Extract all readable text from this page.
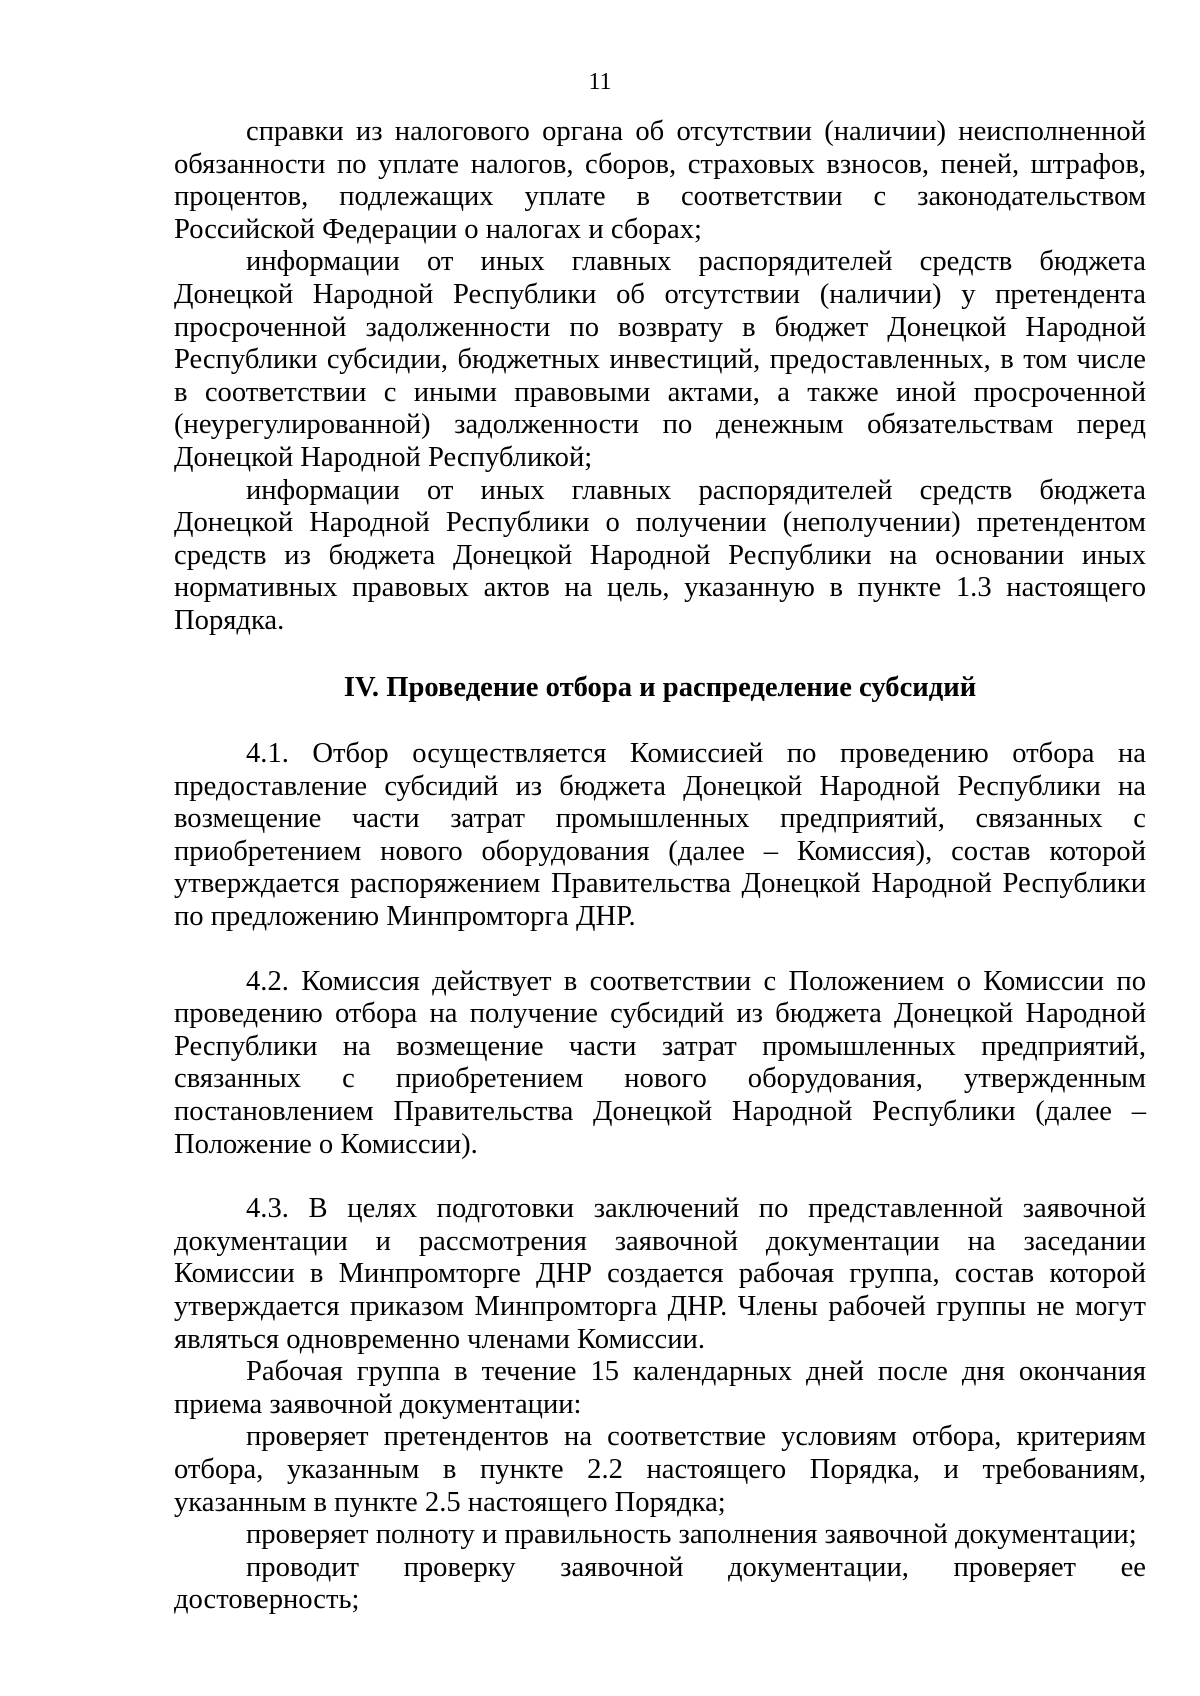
11

справки из налогового органа об отсутствии (наличии) неисполненной обязанности по уплате налогов, сборов, страховых взносов, пеней, штрафов, процентов, подлежащих уплате в соответствии с законодательством Российской Федерации о налогах и сборах;

информации от иных главных распорядителей средств бюджета Донецкой Народной Республики об отсутствии (наличии) у претендента просроченной задолженности по возврату в бюджет Донецкой Народной Республики субсидии, бюджетных инвестиций, предоставленных, в том числе в соответствии с иными правовыми актами, а также иной просроченной (неурегулированной) задолженности по денежным обязательствам перед Донецкой Народной Республикой;

информации от иных главных распорядителей средств бюджета Донецкой Народной Республики о получении (неполучении) претендентом средств из бюджета Донецкой Народной Республики на основании иных нормативных правовых актов на цель, указанную в пункте 1.3 настоящего Порядка.

IV. Проведение отбора и распределение субсидий

4.1. Отбор осуществляется Комиссией по проведению отбора на предоставление субсидий из бюджета Донецкой Народной Республики на возмещение части затрат промышленных предприятий, связанных с приобретением нового оборудования (далее – Комиссия), состав которой утверждается распоряжением Правительства Донецкой Народной Республики по предложению Минпромторга ДНР.

4.2. Комиссия действует в соответствии с Положением о Комиссии по проведению отбора на получение субсидий из бюджета Донецкой Народной Республики на возмещение части затрат промышленных предприятий, связанных с приобретением нового оборудования, утвержденным постановлением Правительства Донецкой Народной Республики (далее – Положение о Комиссии).

4.3. В целях подготовки заключений по представленной заявочной документации и рассмотрения заявочной документации на заседании Комиссии в Минпромторге ДНР создается рабочая группа, состав которой утверждается приказом Минпромторга ДНР. Члены рабочей группы не могут являться одновременно членами Комиссии.

Рабочая группа в течение 15 календарных дней после дня окончания приема заявочной документации:

проверяет претендентов на соответствие условиям отбора, критериям отбора, указанным в пункте 2.2 настоящего Порядка, и требованиям, указанным в пункте 2.5 настоящего Порядка;

проверяет полноту и правильность заполнения заявочной документации;

проводит проверку заявочной документации, проверяет ее достоверность;
